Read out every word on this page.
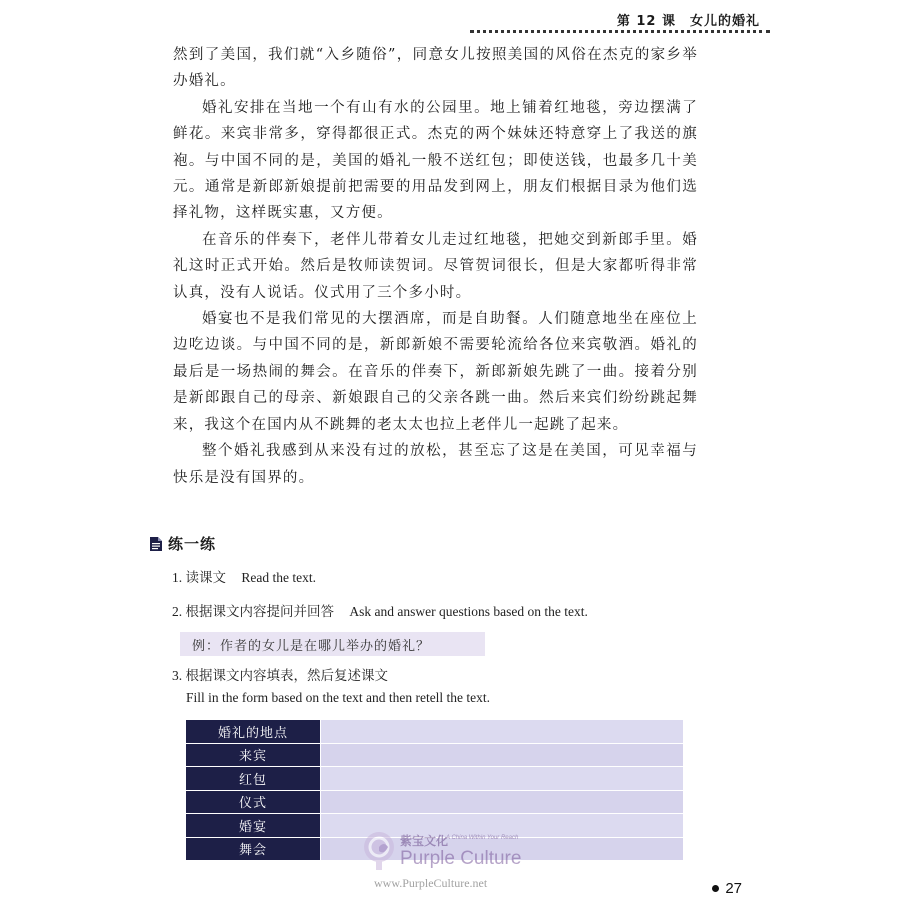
第 12 课　女儿的婚礼

然到了美国，我们就“入乡随俗”，同意女儿按照美国的风俗在杰克的家乡举办婚礼。

婚礼安排在当地一个有山有水的公园里。地上铺着红地毯，旁边摆满了鲜花。来宾非常多，穿得都很正式。杰克的两个妹妹还特意穿上了我送的旗袍。与中国不同的是，美国的婚礼一般不送红包；即使送钱，也最多几十美元。通常是新郎新娘提前把需要的用品发到网上，朋友们根据目录为他们选择礼物，这样既实惠，又方便。

在音乐的伴奏下，老伴儿带着女儿走过红地毯，把她交到新郎手里。婚礼这时正式开始。然后是牧师读贺词。尽管贺词很长，但是大家都听得非常认真，没有人说话。仪式用了三个多小时。

婚宴也不是我们常见的大摆酒席，而是自助餐。人们随意地坐在座位上边吃边谈。与中国不同的是，新郎新娘不需要轮流给各位来宾敬酒。婚礼的最后是一场热闹的舞会。在音乐的伴奏下，新郎新娘先跳了一曲。接着分别是新郎跟自己的母亲、新娘跟自己的父亲各跳一曲。然后来宾们纷纷跳起舞来，我这个在国内从不跳舞的老太太也拉上老伴儿一起跳了起来。

整个婚礼我感到从来没有过的放松，甚至忘了这是在美国，可见幸福与快乐是没有国界的。

练一练
1. 读课文 Read the text.
2. 根据课文内容提问并回答 Ask and answer questions based on the text.
例：作者的女儿是在哪儿举办的婚礼？
3. 根据课文内容填表，然后复述课文
Fill in the form based on the text and then retell the text.
婚礼的地点	
来宾	
红包	
仪式	
婚宴	
舞会	
紫宝文化
A China Within Your Reach
Purple Culture
www.PurpleCulture.net	27
